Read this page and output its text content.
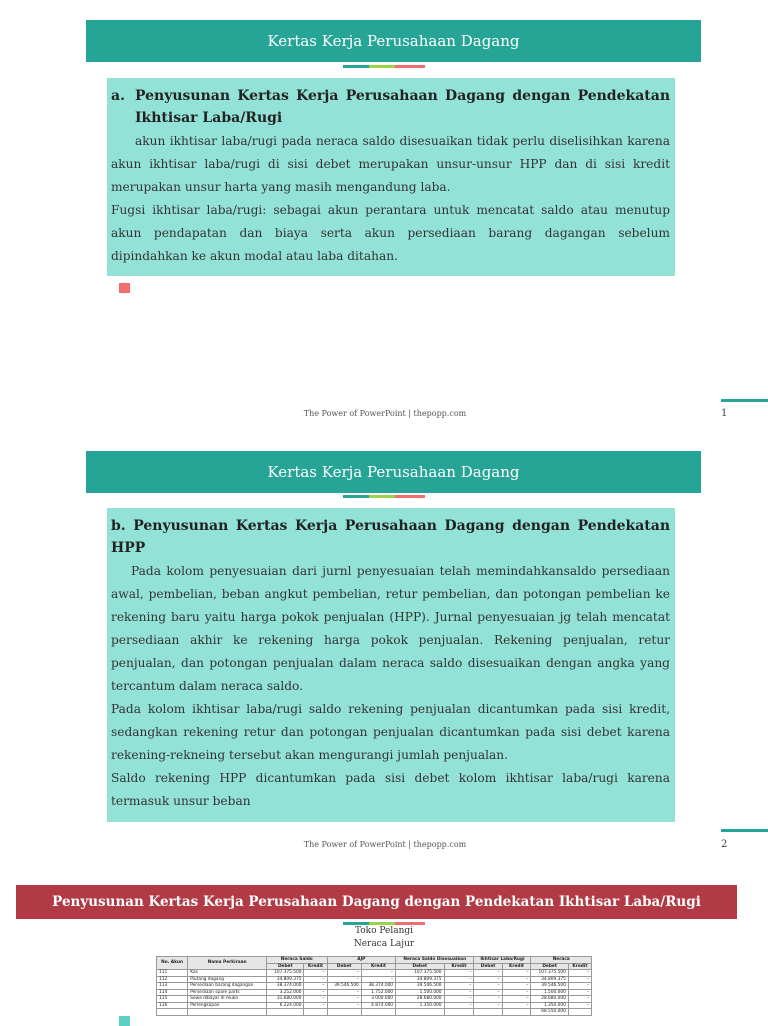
Kertas Kerja Perusahaan Dagang
a. Penyusunan Kertas Kerja Perusahaan Dagang dengan Pendekatan Ikhtisar Laba/Rugi

akun ikhtisar laba/rugi pada neraca saldo disesuaikan tidak perlu diselisihkan karena akun ikhtisar laba/rugi di sisi debet merupakan unsur-unsur HPP dan di sisi kredit merupakan unsur harta yang masih mengandung laba.

Fugsi ikhtisar laba/rugi: sebagai akun perantara untuk mencatat saldo atau menutup akun pendapatan dan biaya serta akun persediaan barang dagangan sebelum dipindahkan ke akun modal atau laba ditahan.

The Power of PowerPoint | thepopp.com	1
Kertas Kerja Perusahaan Dagang
b. Penyusunan Kertas Kerja Perusahaan Dagang dengan Pendekatan HPP

Pada kolom penyesuaian dari jurnl penyesuaian telah memindahkansaldo persediaan awal, pembelian, beban angkut pembelian, retur pembelian, dan potongan pembelian ke rekening baru yaitu harga pokok penjualan (HPP). Jurnal penyesuaian jg telah mencatat persediaan akhir ke rekening harga pokok penjualan. Rekening penjualan, retur penjualan, dan potongan penjualan dalam neraca saldo disesuaikan dengan angka yang tercantum dalam neraca saldo.

Pada kolom ikhtisar laba/rugi saldo rekening penjualan dicantumkan pada sisi kredit, sedangkan rekening retur dan potongan penjualan dicantumkan pada sisi debet karena rekening-rekneing tersebut akan mengurangi jumlah penjualan.

Saldo rekening HPP dicantumkan pada sisi debet kolom ikhtisar laba/rugi karena termasuk unsur beban

The Power of PowerPoint | thepopp.com	2
Penyusunan Kertas Kerja Perusahaan Dagang dengan Pendekatan Ikhtisar Laba/Rugi
Toko Pelangi
Neraca Lajur
No. Akun	Nama Perkiraan	Neraca Saldo		AJP		Neraca Saldo Disesuaikan		Ikhtisar Laba/Rugi		Neraca	
		Debet	Kredit	Debet	Kredit	Debet	Kredit	Debet	Kredit	Debet	Kredit
111	Kas	107.375.500	–	–	–	107.375.500	–	–	–	107.375.500	–
112	Piutang dagang	34.809.375	–	–	–	34.809.375	–	–	–	34.809.375	–
113	Persediaan barang dagangan	38.374.000	–	39.546.500	38.374.000	39.546.500	–	–	–	39.546.500	–
114	Persediaan spare parts	3.252.000	–	–	1.752.000	1.500.000	–	–	–	1.500.000	–
115	Sewa dibayar di muka	31.680.000	–	–	3.000.000	28.680.000	–	–	–	28.680.000	–
116	Perlengkapan	6.224.000	–	–	4.874.000	1.350.000	–	–	–	1.350.000	–
										68.550.000	
